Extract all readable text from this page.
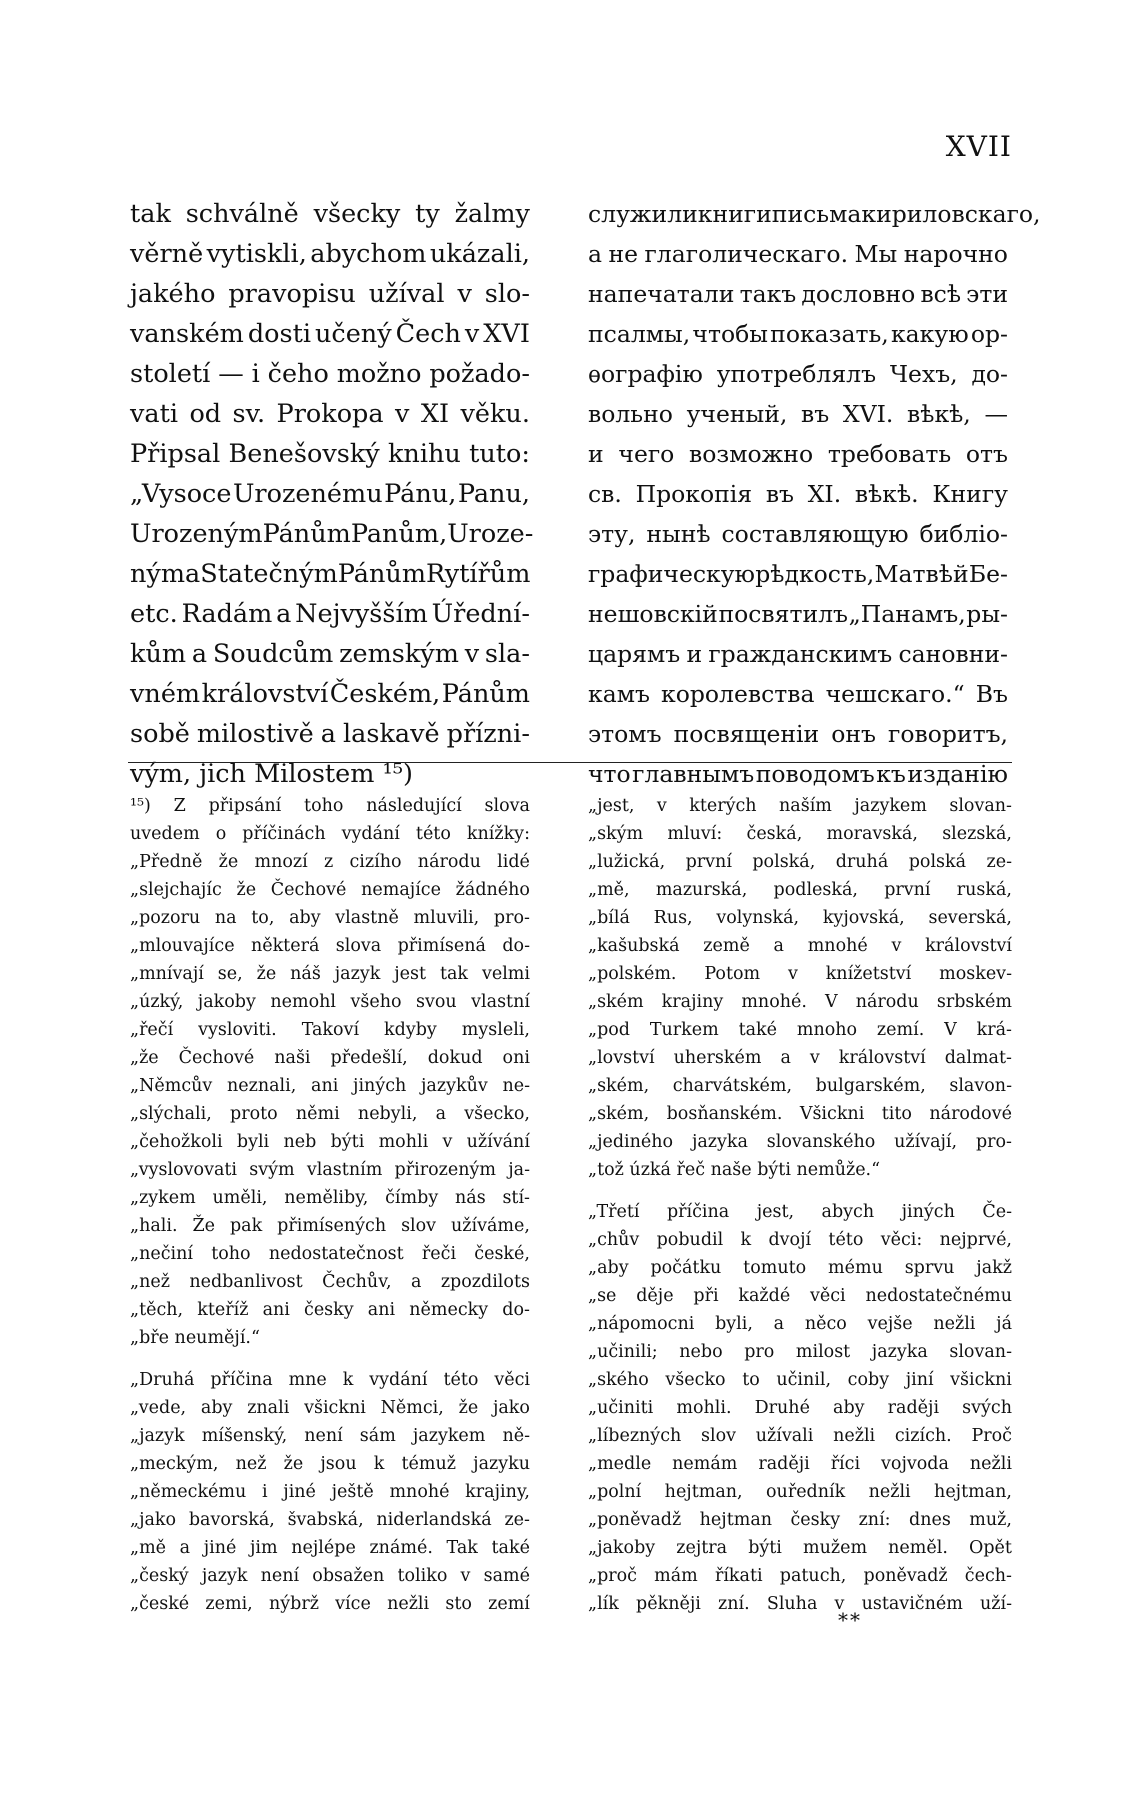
XVII
tak schválně všecky ty žalmy
věrně vytiskli, abychom ukázali,
jakého pravopisu užíval v slo-
vanském dosti učený Čech v XVI
století — i čeho možno požado-
vati od sv. Prokopa v XI věku.
Připsal Benešovský knihu tuto:
„Vysoce Urozenému Pánu, Panu,
Urozeným Pánům Panům, Uroze-
ným a Statečným Pánům Rytířům
etc. Radám a Nejvyšším Úřední-
kům a Soudcům zemským v sla-
vném království Českém, Pánům
sobě milostivě a laskavě přízni-
vým, jich Milostem ¹⁵)
служили книги письма кириловскаго,
а не глаголическаго. Мы нарочно
напечатали такъ дословно всѣ эти
псалмы, чтобы показать, какую ор-
ѳографію употреблялъ Чехъ, до-
вольно ученый, въ XVI. вѣкѣ, —
и чего возможно требовать отъ
св. Прокопія въ XI. вѣкѣ. Книгу
эту, нынѣ составляющую библіо-
графическую рѣдкость, Матвѣй Бе-
нешовскій посвятилъ „Панамъ, ры-
царямъ и гражданскимъ сановни-
камъ королевства чешскаго.“ Въ
этомъ посвященіи онъ говоритъ,
что главнымъ поводомъ къ изданію
¹⁵) Z připsání toho následující slova
uvedem o příčinách vydání této knížky:
„Předně že mnozí z cizího národu lidé
„slejchajíc že Čechové nemajíce žádného
„pozoru na to, aby vlastně mluvili, pro-
„mlouvajíce některá slova přimísená do-
„mnívají se, že náš jazyk jest tak velmi
„úzký, jakoby nemohl všeho svou vlastní
„řečí vysloviti. Takoví kdyby mysleli,
„že Čechové naši předešlí, dokud oni
„Němcův neznali, ani jiných jazykův ne-
„slýchali, proto němi nebyli, a všecko,
„čehožkoli byli neb býti mohli v užívání
„vyslovovati svým vlastním přirozeným ja-
„zykem uměli, neměliby, čímby nás stí-
„hali. Že pak přimísených slov užíváme,
„nečiní toho nedostatečnost řeči české,
„než nedbanlivost Čechův, a zpozdilots
„těch, kteříž ani česky ani německy do-
„bře neumějí.“
„Druhá příčina mne k vydání této věci
„vede, aby znali všickni Němci, že jako
„jazyk míšenský, není sám jazykem ně-
„meckým, než že jsou k témuž jazyku
„německému i jiné ještě mnohé krajiny,
„jako bavorská, švabská, niderlandská ze-
„mě a jiné jim nejlépe známé. Tak také
„český jazyk není obsažen toliko v samé
„české zemi, nýbrž více nežli sto zemí
„jest, v kterých naším jazykem slovan-
„ským mluví: česká, moravská, slezská,
„lužická, první polská, druhá polská ze-
„mě, mazurská, podleská, první ruská,
„bílá Rus, volynská, kyjovská, severská,
„kašubská země a mnohé v království
„polském. Potom v knížetství moskev-
„ském krajiny mnohé. V národu srbském
„pod Turkem také mnoho zemí. V krá-
„lovství uherském a v království dalmat-
„ském, charvátském, bulgarském, slavon-
„ském, bosňanském. Všickni tito národové
„jediného jazyka slovanského užívají, pro-
„tož úzká řeč naše býti nemůže.“
„Třetí příčina jest, abych jiných Če-
„chův pobudil k dvojí této věci: nejprvé,
„aby počátku tomuto mému sprvu jakž
„se děje při každé věci nedostatečnému
„nápomocni byli, a něco vejše nežli já
„učinili; nebo pro milost jazyka slovan-
„ského všecko to učinil, coby jiní všickni
„učiniti mohli. Druhé aby raději svých
„líbezných slov užívali nežli cizích. Proč
„medle nemám raději říci vojvoda nežli
„polní hejtman, ouředník nežli hejtman,
„poněvadž hejtman česky zní: dnes muž,
„jakoby zejtra býti mužem neměl. Opět
„proč mám říkati patuch, poněvadž čech-
„lík pěkněji zní. Sluha v ustavičném uží-
**
